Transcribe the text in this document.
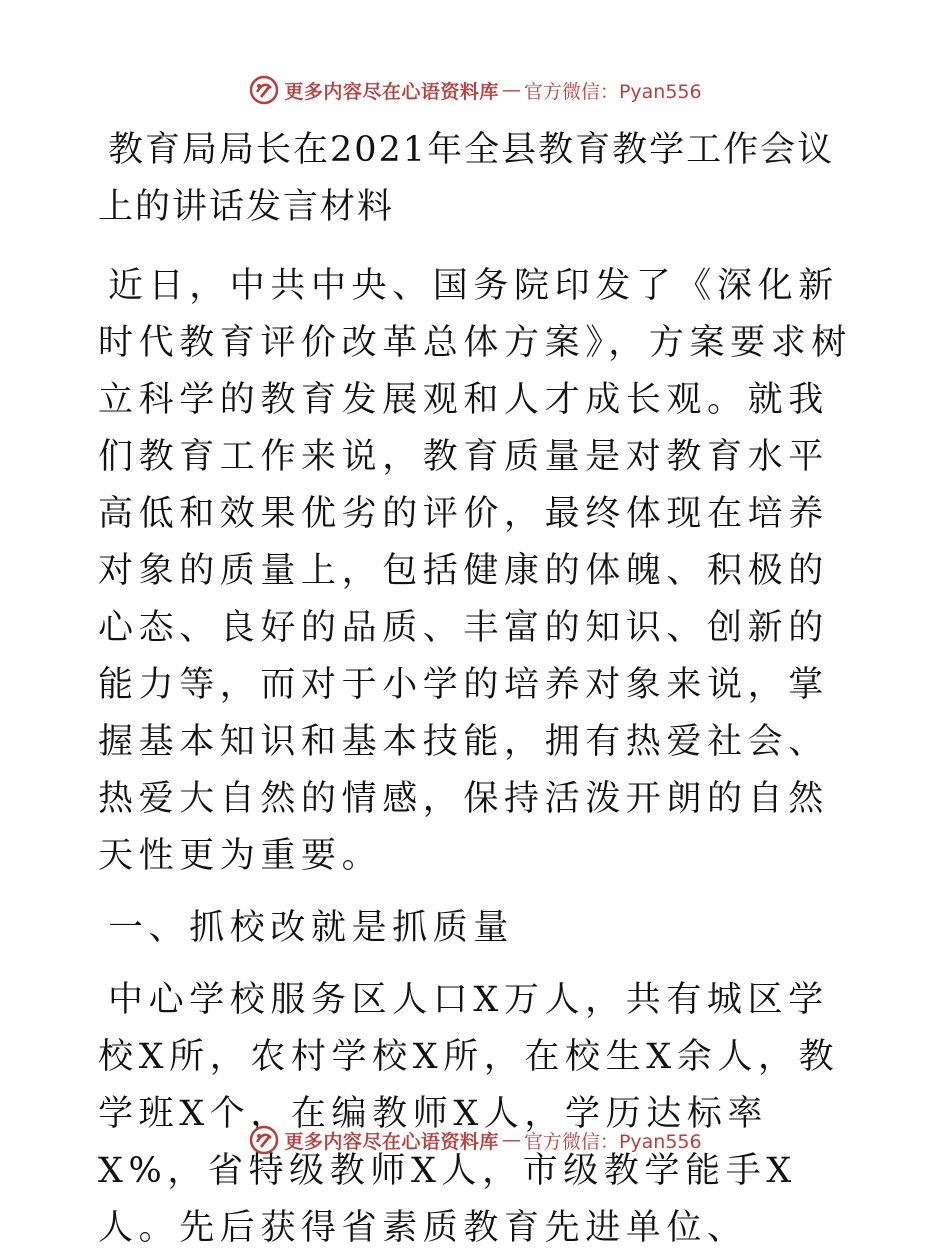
更多内容尽在心语资料库 — 官方微信：Pyan556
教育局局长在2021年全县教育教学工作会议上的讲话发言材料

近日，中共中央、国务院印发了《深化新时代教育评价改革总体方案》，方案要求树立科学的教育发展观和人才成长观。就我们教育工作来说，教育质量是对教育水平高低和效果优劣的评价，最终体现在培养对象的质量上，包括健康的体魄、积极的心态、良好的品质、丰富的知识、创新的能力等，而对于小学的培养对象来说，掌握基本知识和基本技能，拥有热爱社会、热爱大自然的情感，保持活泼开朗的自然天性更为重要。

一、抓校改就是抓质量

中心学校服务区人口X万人，共有城区学校X所，农村学校X所，在校生X余人，教学班X个，在编教师X人，学历达标率X%，省特级教师X人，市级教学能手X人。先后获得省素质教育先进单位、

更多内容尽在心语资料库 — 官方微信：Pyan556
